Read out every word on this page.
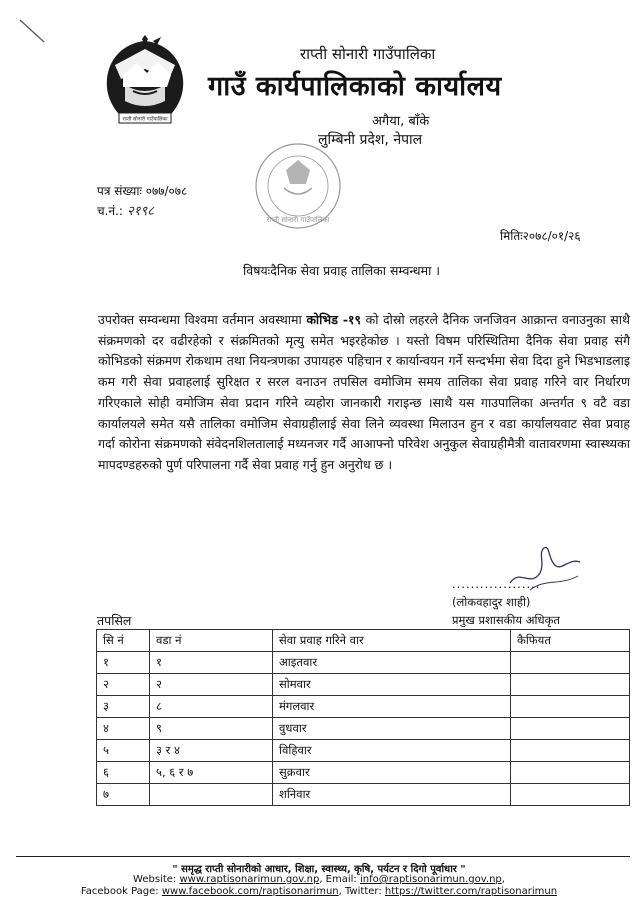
राप्ती सोनारी गाउँपालिका
राप्ती सोनारी गाउँपालिका
गाउँ कार्यपालिकाको कार्यालय
अगैया, बाँके
लुम्बिनी प्रदेश, नेपाल
राप्ती सोनारी गाउँपालिका
पत्र संख्याः ०७७/०७८
च.नं.: २१९८
मितिः२०७८/०१/२६
विषयःदैनिक सेवा प्रवाह तालिका सम्वन्धमा ।
उपरोक्त सम्वन्धमा विश्वमा वर्तमान अवस्थामा कोभिड -१९ को दोस्रो लहरले दैनिक जनजिवन आक्रान्त वनाउनुका साथै संक्रमणको दर वढीरहेको र संक्रमितको मृत्यु समेत भइरहेकोछ । यस्तो विषम परिस्थितिमा दैनिक सेवा प्रवाह संगै कोभिडको संक्रमण रोकथाम तथा नियन्त्रणका उपायहरु पहिचान र कार्यान्वयन गर्ने सन्दर्भमा सेवा दिदा हुने भिडभाडलाइ कम गरी सेवा प्रवाहलाई सुरिक्षत र सरल वनाउन तपसिल वमोजिम समय तालिका सेवा प्रवाह गरिने वार निर्धारण गरिएकाले सोही वमोजिम सेवा प्रदान गरिने व्यहोरा जानकारी गराइन्छ ।साथै यस गाउपालिका अन्तर्गत ९ वटै वडा कार्यालयले समेत यसै तालिका वमोजिम सेवाग्रहीलाई सेवा लिने व्यवस्था मिलाउन हुन र वडा कार्यालयवाट सेवा प्रवाह गर्दा कोरोना संक्रमणको संवेदनशिलतालाई मध्यनजर गर्दै आआफ्नो परिवेश अनुकुल सेवाग्रहीमैत्री वातावरणमा स्वास्थ्यका मापदण्डहरुको पुर्ण परिपालना गर्दै सेवा प्रवाह गर्नु हुन अनुरोध छ ।
...................
(लोकवहादुर शाही)
प्रमुख प्रशासकीय अधिकृत
तपसिल
सि नं	वडा नं	सेवा प्रवाह गरिने वार	कैफियत
१	१	आइतवार	
२	२	सोमवार	
३	८	मंगलवार	
४	९	वुधवार	
५	३ र ४	विहिवार	
६	५, ६ र ७	सुक्रवार	
७		शनिवार	
" समृद्ध राप्ती सोनारीको आधार, शिक्षा, स्वास्थ्य, कृषि, पर्यटन र दिगो पूर्वाधार "
Website: www.raptisonarimun.gov.np, Email: info@raptisonarimun.gov.np,
Facebook Page: www.facebook.com/raptisonarimun, Twitter: https://twitter.com/raptisonarimun
